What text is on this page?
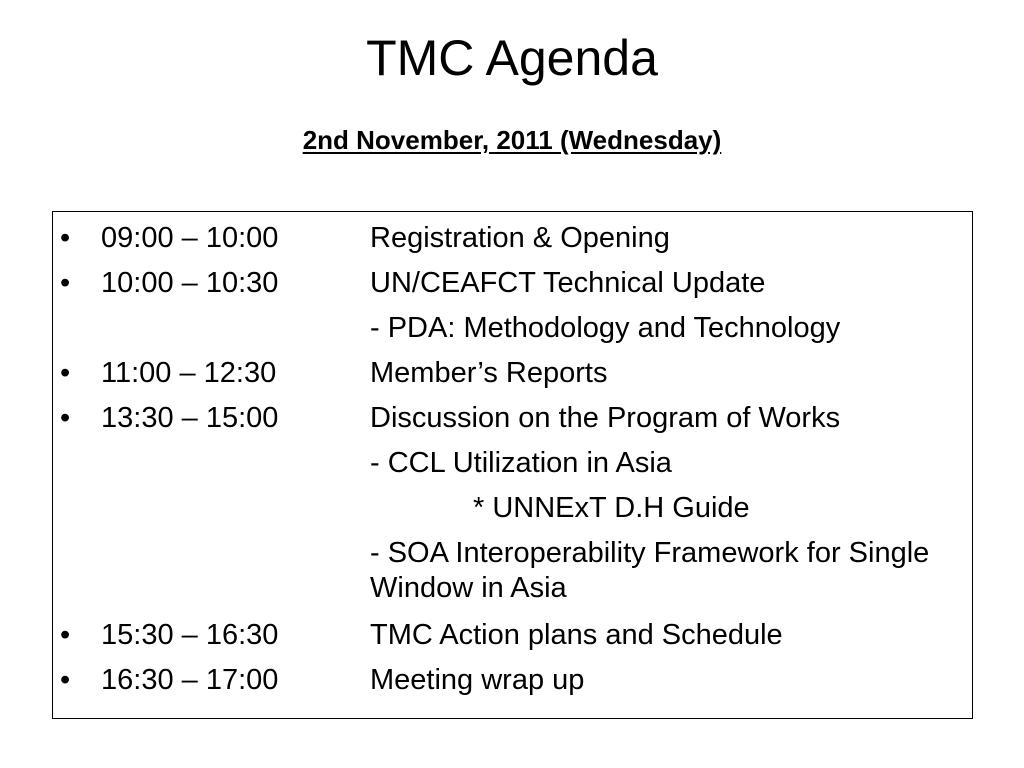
TMC Agenda
2nd November, 2011 (Wednesday)
• 09:00 – 10:00	Registration & Opening
• 10:00 – 10:30	UN/CEAFCT Technical Update
- PDA: Methodology and Technology
• 11:00 – 12:30	Member’s Reports
• 13:30 – 15:00	Discussion on the Program of Works
- CCL Utilization in Asia
* UNNExT D.H Guide
- SOA Interoperability Framework for Single Window in Asia
• 15:30 – 16:30	TMC Action plans and Schedule
• 16:30 – 17:00	Meeting wrap up
